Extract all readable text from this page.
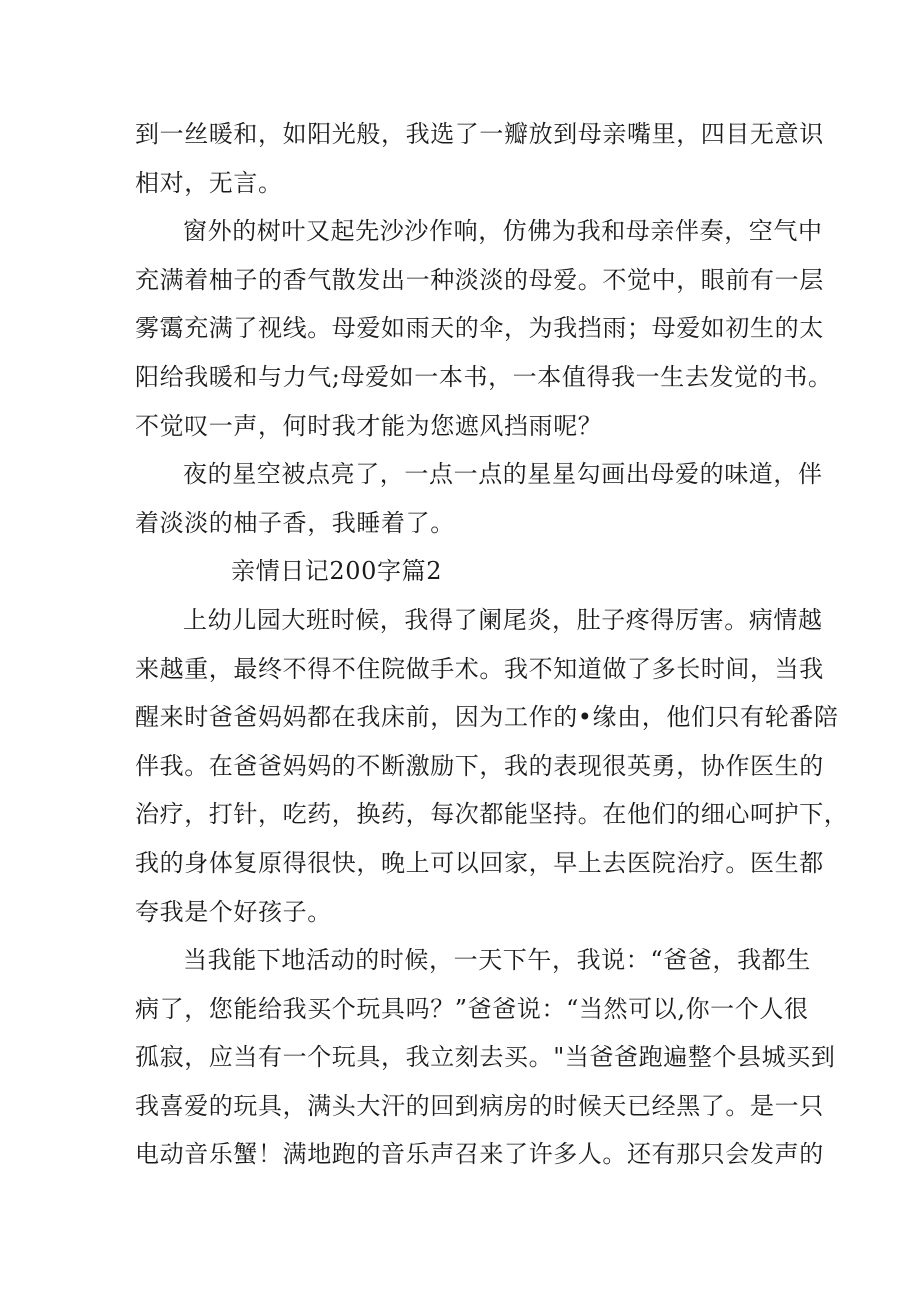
到一丝暖和，如阳光般，我选了一瓣放到母亲嘴里，四目无意识
相对，无言。
窗外的树叶又起先沙沙作响，仿佛为我和母亲伴奏，空气中
充满着柚子的香气散发出一种淡淡的母爱。不觉中，眼前有一层
雾霭充满了视线。母爱如雨天的伞，为我挡雨；母爱如初生的太
阳给我暖和与力气;母爱如一本书，一本值得我一生去发觉的书。
不觉叹一声，何时我才能为您遮风挡雨呢？
夜的星空被点亮了，一点一点的星星勾画出母爱的味道，伴
着淡淡的柚子香，我睡着了。
亲情日记200字篇2
上幼儿园大班时候，我得了阑尾炎，肚子疼得厉害。病情越
来越重，最终不得不住院做手术。我不知道做了多长时间，当我
醒来时爸爸妈妈都在我床前，因为工作的•缘由，他们只有轮番陪
伴我。在爸爸妈妈的不断激励下，我的表现很英勇，协作医生的
治疗，打针，吃药，换药，每次都能坚持。在他们的细心呵护下，
我的身体复原得很快，晚上可以回家，早上去医院治疗。医生都
夸我是个好孩子。
当我能下地活动的时候，一天下午，我说：“爸爸，我都生
病了，您能给我买个玩具吗？”爸爸说：“当然可以,你一个人很
孤寂，应当有一个玩具，我立刻去买。"当爸爸跑遍整个县城买到
我喜爱的玩具，满头大汗的回到病房的时候天已经黑了。是一只
电动音乐蟹！满地跑的音乐声召来了许多人。还有那只会发声的
